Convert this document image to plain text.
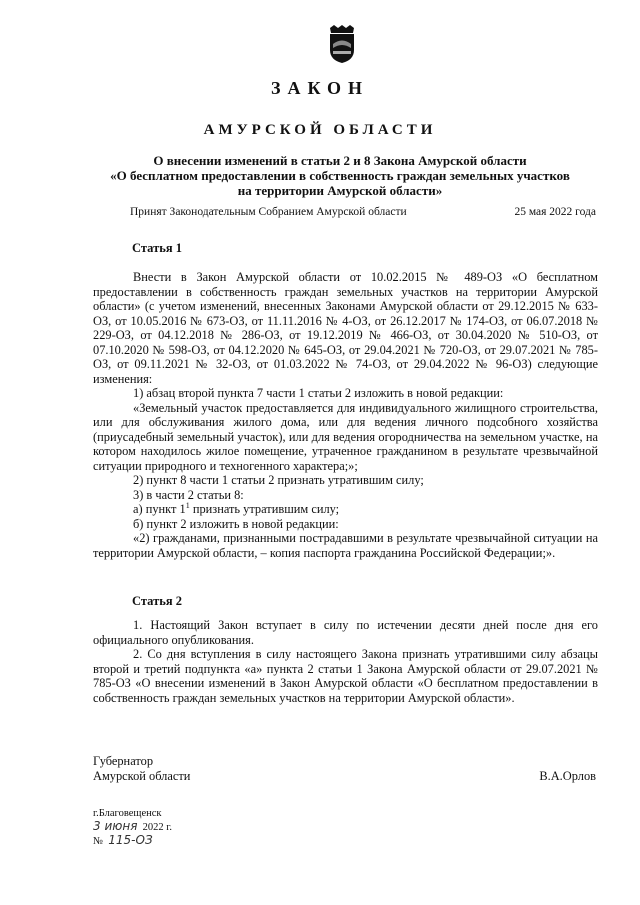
ЗАКОН
АМУРСКОЙ ОБЛАСТИ
О внесении изменений в статьи 2 и 8 Закона Амурской области
«О бесплатном предоставлении в собственность граждан земельных участков
на территории Амурской области»
Принят Законодательным Собранием Амурской области	25 мая 2022 года
Статья 1

Внести в Закон Амурской области от 10.02.2015 № 489-ОЗ «О бесплатном предоставлении в собственность граждан земельных участков на территории Амурской области» (с учетом изменений, внесенных Законами Амурской области от 29.12.2015 № 633-ОЗ, от 10.05.2016 № 673-ОЗ, от 11.11.2016 № 4-ОЗ, от 26.12.2017 № 174-ОЗ, от 06.07.2018 № 229-ОЗ, от 04.12.2018 № 286-ОЗ, от 19.12.2019 № 466-ОЗ, от 30.04.2020 № 510-ОЗ, от 07.10.2020 № 598-ОЗ, от 04.12.2020 № 645-ОЗ, от 29.04.2021 № 720-ОЗ, от 29.07.2021 № 785-ОЗ, от 09.11.2021 № 32-ОЗ, от 01.03.2022 № 74-ОЗ, от 29.04.2022 № 96-ОЗ) следующие изменения:

1) абзац второй пункта 7 части 1 статьи 2 изложить в новой редакции:

«Земельный участок предоставляется для индивидуального жилищного строительства, или для обслуживания жилого дома, или для ведения личного подсобного хозяйства (приусадебный земельный участок), или для ведения огородничества на земельном участке, на котором находилось жилое помещение, утраченное гражданином в результате чрезвычайной ситуации природного и техногенного характера;»;

2) пункт 8 части 1 статьи 2 признать утратившим силу;

3) в части 2 статьи 8:

а) пункт $1^1$ признать утратившим силу;

б) пункт 2 изложить в новой редакции:

«2) гражданами, признанными пострадавшими в результате чрезвычайной ситуации на территории Амурской области, – копия паспорта гражданина Российской Федерации;».

Статья 2

1. Настоящий Закон вступает в силу по истечении десяти дней после дня его официального опубликования.

2. Со дня вступления в силу настоящего Закона признать утратившими силу абзацы второй и третий подпункта «а» пункта 2 статьи 1 Закона Амурской области от 29.07.2021 № 785-ОЗ «О внесении изменений в Закон Амурской области «О бесплатном предоставлении в собственность граждан земельных участков на территории Амурской области».

Губернатор
Амурской области	В.А.Орлов
г.Благовещенск
3 июня 2022 г.
№ 115-ОЗ
